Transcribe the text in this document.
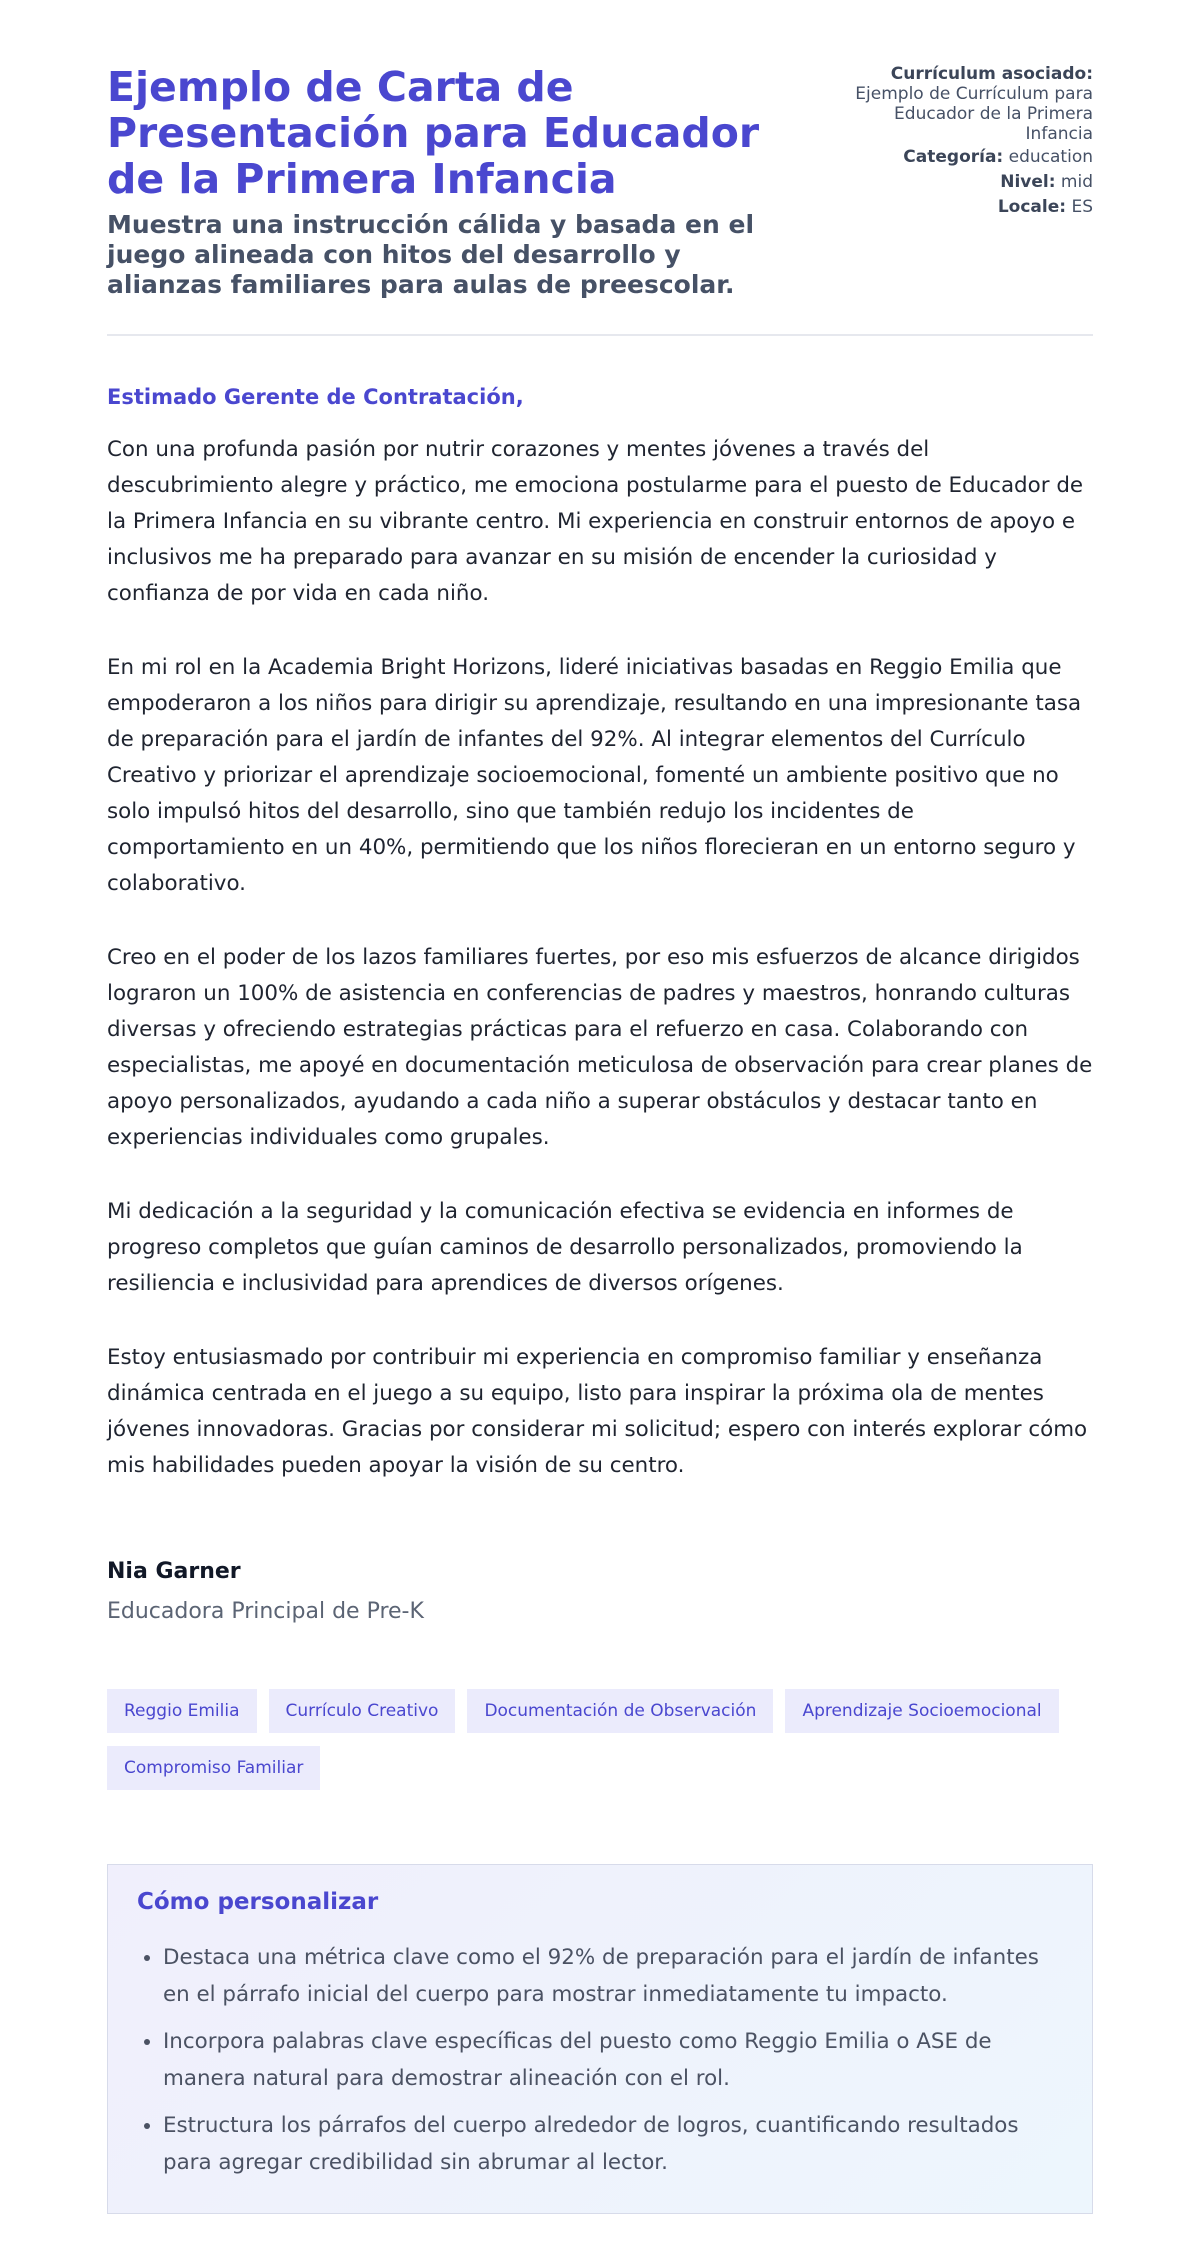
Ejemplo de Carta de Presentación para Educador de la Primera Infancia
Muestra una instrucción cálida y basada en el juego alineada con hitos del desarrollo y alianzas familiares para aulas de preescolar.
Currículum asociado:
Ejemplo de Currículum para Educador de la Primera Infancia
Categoría: education
Nivel: mid
Locale: ES
Estimado Gerente de Contratación,

Con una profunda pasión por nutrir corazones y mentes jóvenes a través del descubrimiento alegre y práctico, me emociona postularme para el puesto de Educador de la Primera Infancia en su vibrante centro. Mi experiencia en construir entornos de apoyo e inclusivos me ha preparado para avanzar en su misión de encender la curiosidad y confianza de por vida en cada niño.

En mi rol en la Academia Bright Horizons, lideré iniciativas basadas en Reggio Emilia que empoderaron a los niños para dirigir su aprendizaje, resultando en una impresionante tasa de preparación para el jardín de infantes del 92%. Al integrar elementos del Currículo Creativo y priorizar el aprendizaje socioemocional, fomenté un ambiente positivo que no solo impulsó hitos del desarrollo, sino que también redujo los incidentes de comportamiento en un 40%, permitiendo que los niños florecieran en un entorno seguro y colaborativo.

Creo en el poder de los lazos familiares fuertes, por eso mis esfuerzos de alcance dirigidos lograron un 100% de asistencia en conferencias de padres y maestros, honrando culturas diversas y ofreciendo estrategias prácticas para el refuerzo en casa. Colaborando con especialistas, me apoyé en documentación meticulosa de observación para crear planes de apoyo personalizados, ayudando a cada niño a superar obstáculos y destacar tanto en experiencias individuales como grupales.

Mi dedicación a la seguridad y la comunicación efectiva se evidencia en informes de progreso completos que guían caminos de desarrollo personalizados, promoviendo la resiliencia e inclusividad para aprendices de diversos orígenes.

Estoy entusiasmado por contribuir mi experiencia en compromiso familiar y enseñanza dinámica centrada en el juego a su equipo, listo para inspirar la próxima ola de mentes jóvenes innovadoras. Gracias por considerar mi solicitud; espero con interés explorar cómo mis habilidades pueden apoyar la visión de su centro.

Nia Garner
Educadora Principal de Pre-K
Reggio Emilia	Currículo Creativo	Documentación de Observación	Aprendizaje Socioemocional
Compromiso Familiar
Cómo personalizar
• Destaca una métrica clave como el 92% de preparación para el jardín de infantes en el párrafo inicial del cuerpo para mostrar inmediatamente tu impacto.
• Incorpora palabras clave específicas del puesto como Reggio Emilia o ASE de manera natural para demostrar alineación con el rol.
• Estructura los párrafos del cuerpo alrededor de logros, cuantificando resultados para agregar credibilidad sin abrumar al lector.
